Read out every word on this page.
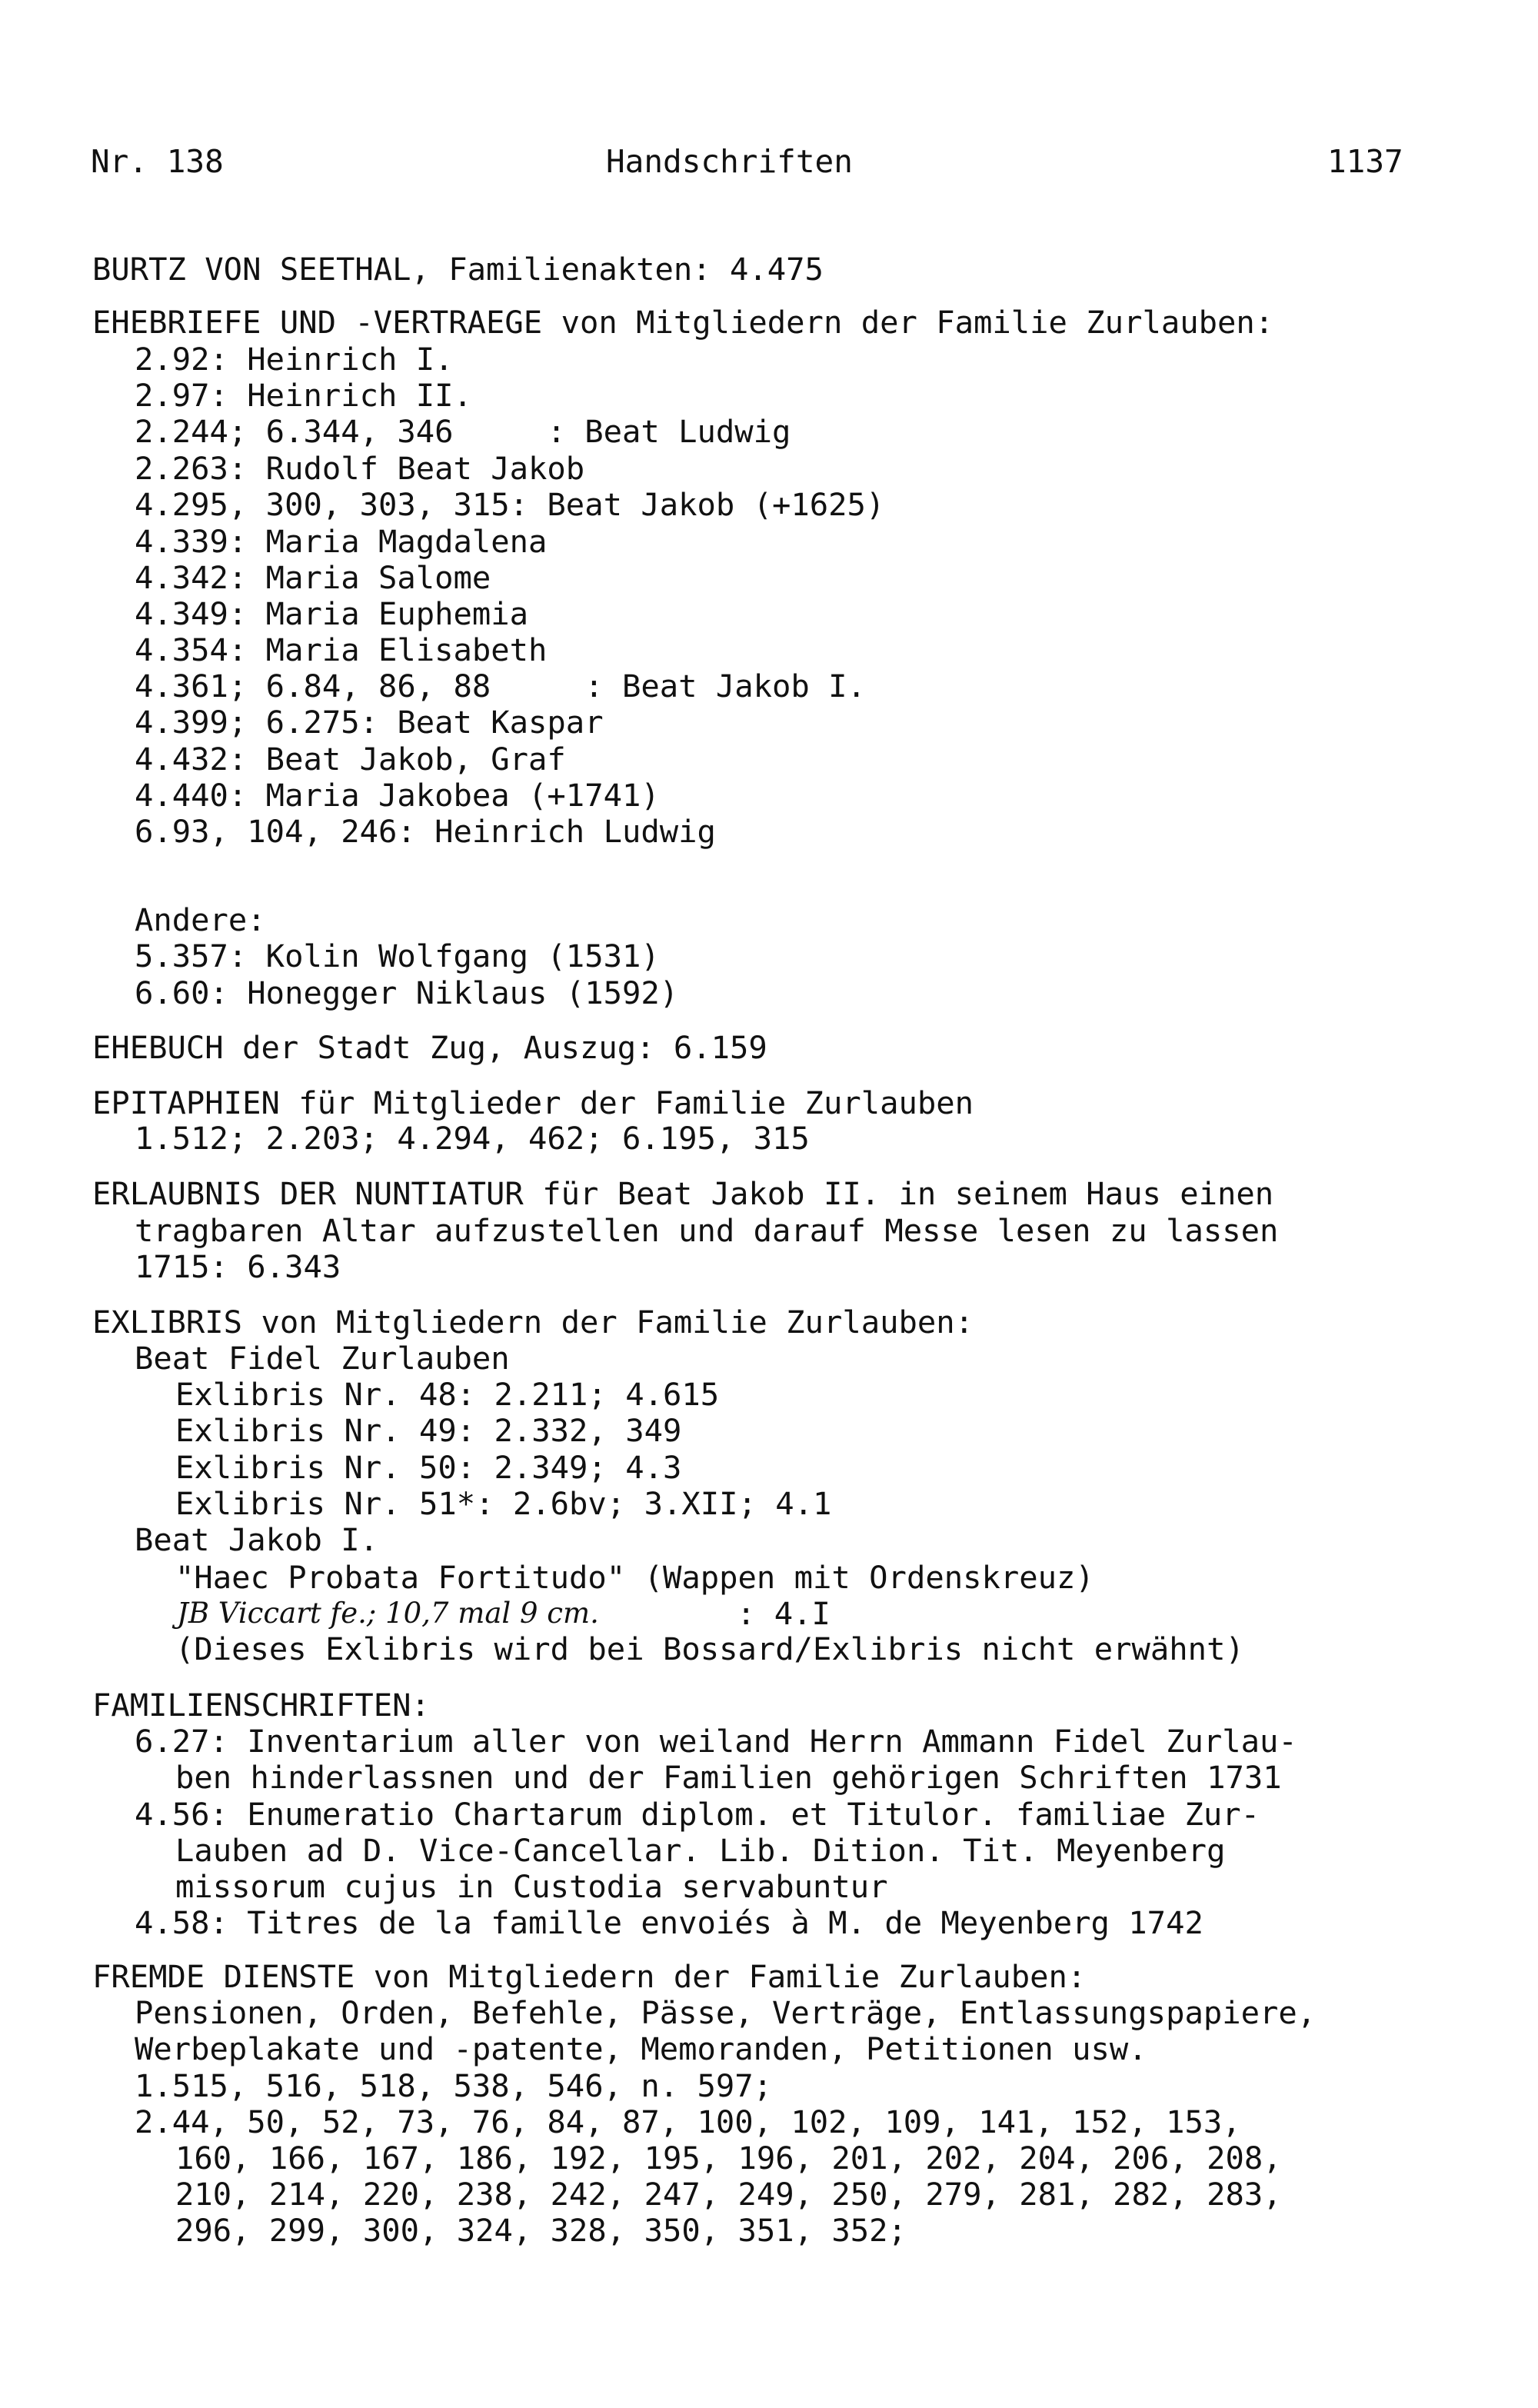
Nr. 138	Handschriften	1137
BURTZ VON SEETHAL, Familienakten: 4.475
EHEBRIEFE UND -VERTRAEGE von Mitgliedern der Familie Zurlauben:
2.92: Heinrich I.
2.97: Heinrich II.
2.244; 6.344, 346     : Beat Ludwig
2.263: Rudolf Beat Jakob
4.295, 300, 303, 315: Beat Jakob (+1625)
4.339: Maria Magdalena
4.342: Maria Salome
4.349: Maria Euphemia
4.354: Maria Elisabeth
4.361; 6.84, 86, 88     : Beat Jakob I.
4.399; 6.275: Beat Kaspar
4.432: Beat Jakob, Graf
4.440: Maria Jakobea (+1741)
6.93, 104, 246: Heinrich Ludwig
Andere:
5.357: Kolin Wolfgang (1531)
6.60: Honegger Niklaus (1592)
EHEBUCH der Stadt Zug, Auszug: 6.159
EPITAPHIEN für Mitglieder der Familie Zurlauben
1.512; 2.203; 4.294, 462; 6.195, 315
ERLAUBNIS DER NUNTIATUR für Beat Jakob II. in seinem Haus einen
tragbaren Altar aufzustellen und darauf Messe lesen zu lassen
1715: 6.343
EXLIBRIS von Mitgliedern der Familie Zurlauben:
Beat Fidel Zurlauben
Exlibris Nr. 48: 2.211; 4.615
Exlibris Nr. 49: 2.332, 349
Exlibris Nr. 50: 2.349; 4.3
Exlibris Nr. 51*: 2.6bv; 3.XII; 4.1
Beat Jakob I.
"Haec Probata Fortitudo" (Wappen mit Ordenskreuz)
JB Viccart fe.; 10,7 mal 9 cm.	: 4.I
(Dieses Exlibris wird bei Bossard/Exlibris nicht erwähnt)
FAMILIENSCHRIFTEN:
6.27: Inventarium aller von weiland Herrn Ammann Fidel Zurlau-
ben hinderlassnen und der Familien gehörigen Schriften 1731
4.56: Enumeratio Chartarum diplom. et Titulor. familiae Zur-
Lauben ad D. Vice-Cancellar. Lib. Dition. Tit. Meyenberg
missorum cujus in Custodia servabuntur
4.58: Titres de la famille envoiés à M. de Meyenberg 1742
FREMDE DIENSTE von Mitgliedern der Familie Zurlauben:
Pensionen, Orden, Befehle, Pässe, Verträge, Entlassungspapiere,
Werbeplakate und -patente, Memoranden, Petitionen usw.
1.515, 516, 518, 538, 546, n. 597;
2.44, 50, 52, 73, 76, 84, 87, 100, 102, 109, 141, 152, 153,
160, 166, 167, 186, 192, 195, 196, 201, 202, 204, 206, 208,
210, 214, 220, 238, 242, 247, 249, 250, 279, 281, 282, 283,
296, 299, 300, 324, 328, 350, 351, 352;
